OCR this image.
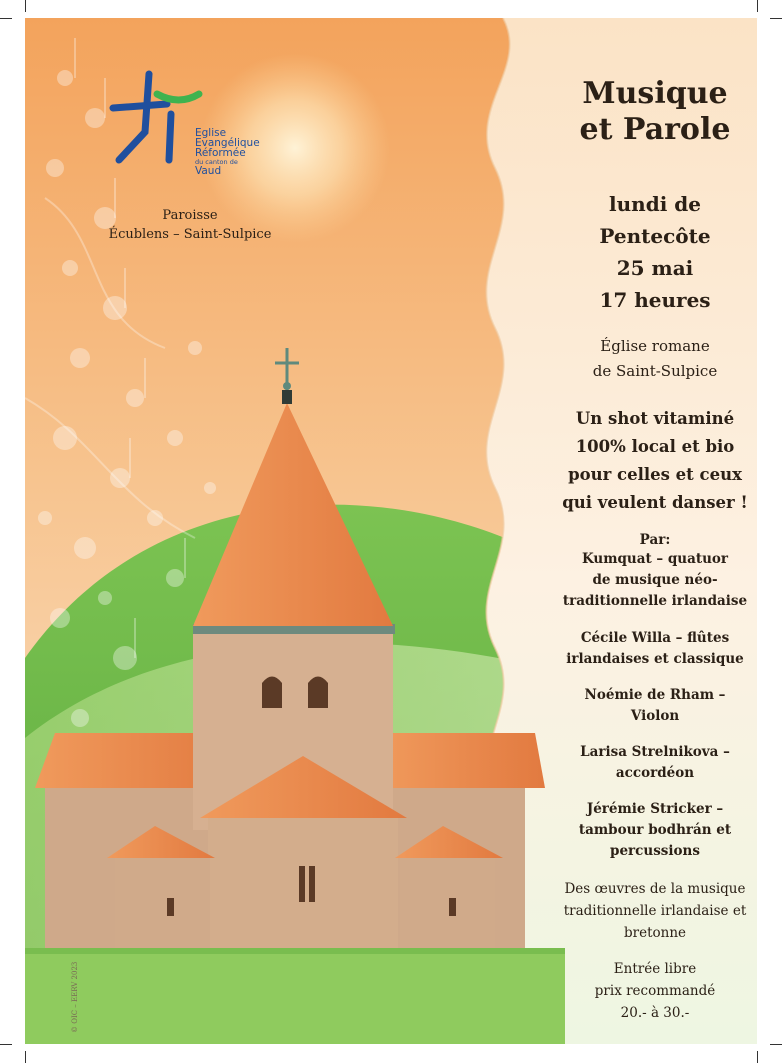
Eglise
Evangélique
Réformée
du canton de
Vaud
Paroisse
Écublens – Saint-Sulpice
Musique
et Parole
lundi de
Pentecôte
25 mai
17 heures
Église romane
de Saint-Sulpice
Un shot vitaminé
100% local et bio
pour celles et ceux
qui veulent danser !
Par:
Kumquat – quatuor
de musique néo-
traditionnelle irlandaise
Cécile Willa – flûtes
irlandaises et classique
Noémie de Rham –
Violon
Larisa Strelnikova –
accordéon
Jérémie Stricker –
tambour bodhrán et
percussions
Des œuvres de la musique
traditionnelle irlandaise et
bretonne
Entrée libre
prix recommandé
20.- à 30.-
© OIC – EERV 2023
